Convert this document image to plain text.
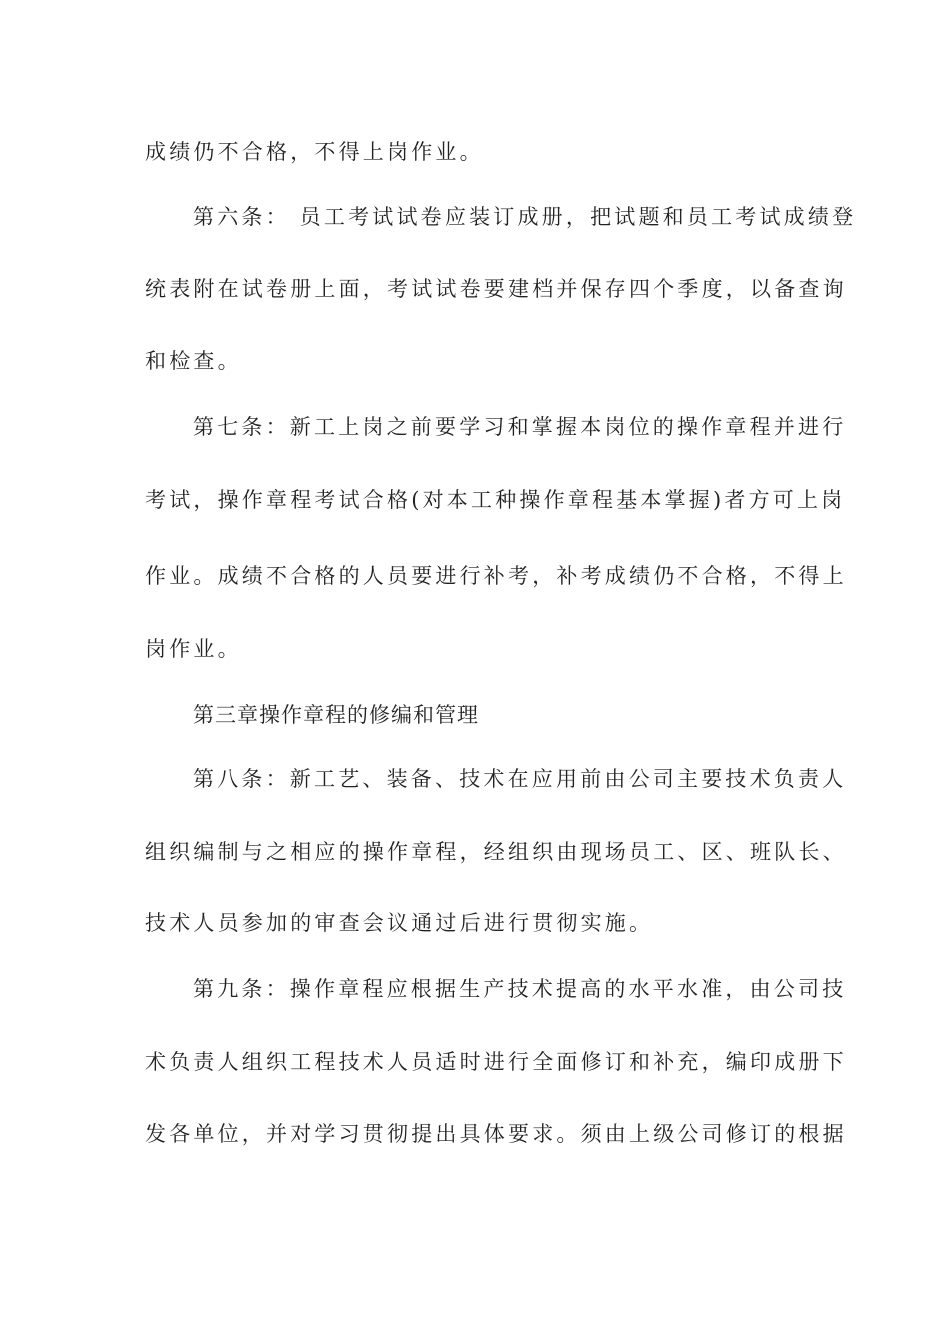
成绩仍不合格，不得上岗作业。
第六条： 员工考试试卷应装订成册，把试题和员工考试成绩登
统表附在试卷册上面，考试试卷要建档并保存四个季度，以备查询
和检查。
第七条：新工上岗之前要学习和掌握本岗位的操作章程并进行
考试，操作章程考试合格(对本工种操作章程基本掌握)者方可上岗
作业。成绩不合格的人员要进行补考，补考成绩仍不合格，不得上
岗作业。
第三章操作章程的修编和管理
第八条：新工艺、装备、技术在应用前由公司主要技术负责人
组织编制与之相应的操作章程，经组织由现场员工、区、班队长、
技术人员参加的审查会议通过后进行贯彻实施。
第九条：操作章程应根据生产技术提高的水平水准，由公司技
术负责人组织工程技术人员适时进行全面修订和补充，编印成册下
发各单位，并对学习贯彻提出具体要求。须由上级公司修订的根据
